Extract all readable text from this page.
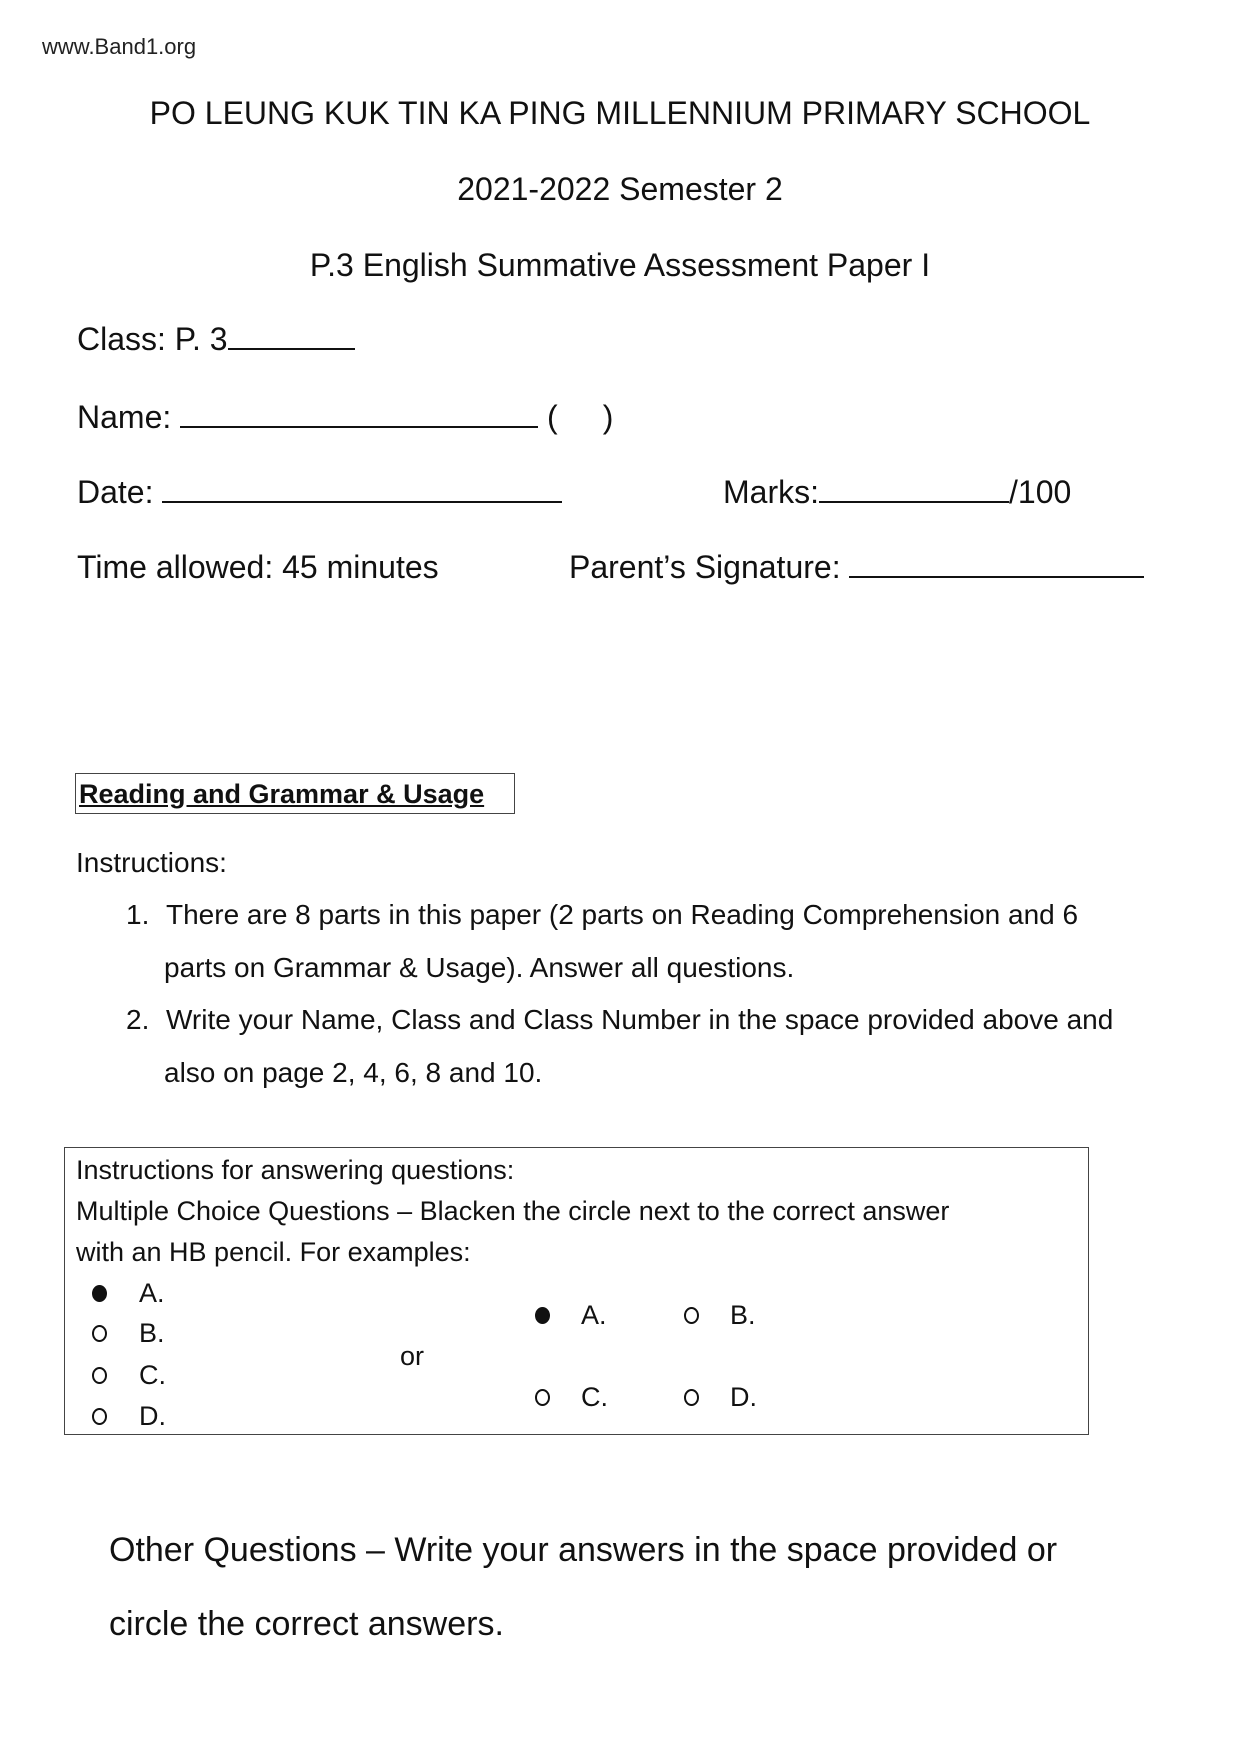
www.Band1.org
PO LEUNG KUK TIN KA PING MILLENNIUM PRIMARY SCHOOL
2021-2022 Semester 2
P.3 English Summative Assessment Paper I
Class: P. 3
Name:	( )
Date:	Marks:	/100
Time allowed: 45 minutes	Parent’s Signature:
Reading and Grammar & Usage
Instructions:
1. There are 8 parts in this paper (2 parts on Reading Comprehension and 6
parts on Grammar & Usage). Answer all questions.
2. Write your Name, Class and Class Number in the space provided above and
also on page 2, 4, 6, 8 and 10.
Instructions for answering questions:
Multiple Choice Questions – Blacken the circle next to the correct answer
with an HB pencil. For examples:
A.
B.
C.
D.
or
A.	B.
C.	D.
Other Questions – Write your answers in the space provided or
circle the correct answers.
